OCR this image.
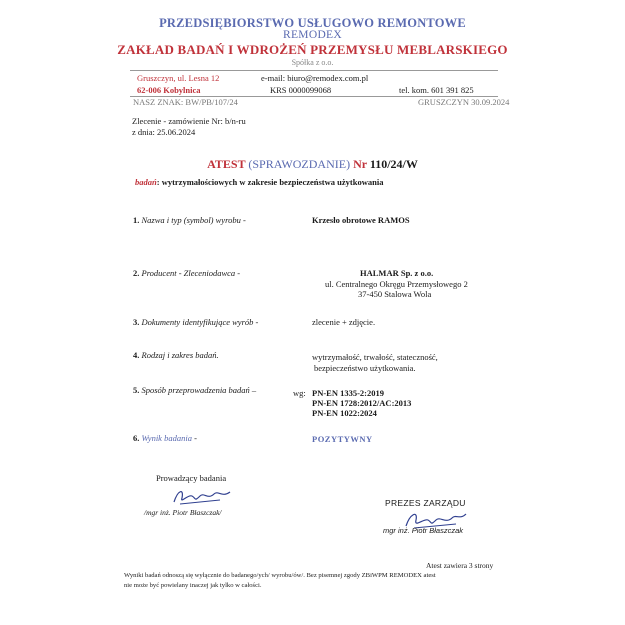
PRZEDSIĘBIORSTWO USŁUGOWO REMONTOWE
REMODEX
ZAKŁAD BADAŃ I WDROŻEŃ PRZEMYSŁU MEBLARSKIEGO
Spółka z o.o.
Gruszczyn, ul. Lesna 12
62-006 Kobylnica
e-mail: biuro@remodex.com.pl
KRS 0000099068	tel. kom. 601 391 825
NASZ ZNAK: BW/PB/107/24	GRUSZCZYN 30.09.2024
Zlecenie - zamówienie Nr: b/n-ru
z dnia: 25.06.2024
ATEST (SPRAWOZDANIE) Nr 110/24/W
badań: wytrzymałościowych w zakresie bezpieczeństwa użytkowania
1. Nazwa i typ (symbol) wyrobu -	Krzesło obrotowe RAMOS
2. Producent - Zleceniodawca -	HALMAR Sp. z o.o.
ul. Centralnego Okręgu Przemysłowego 2
37-450 Stalowa Wola
3. Dokumenty identyfikujące wyrób -	zlecenie + zdjęcie.
4. Rodzaj i zakres badań.	wytrzymałość, trwałość, stateczność,
bezpieczeństwo użytkowania.
5. Sposób przeprowadzenia badań –	wg: PN-EN 1335-2:2019
PN-EN 1728:2012/AC:2013
PN-EN 1022:2024
6. Wynik badania -	POZYTYWNY
Prowadzący badania
/mgr inż. Piotr Błaszczak/
PREZES ZARZĄDU
mgr inż. Piotr Błaszczak
Atest zawiera 3 strony
Wyniki badań odnoszą się wyłącznie do badanego/ych/ wyrobu/ów/. Bez pisemnej zgody ZBiWPM REMODEX atest
nie może być powielany inaczej jak tylko w całości.
